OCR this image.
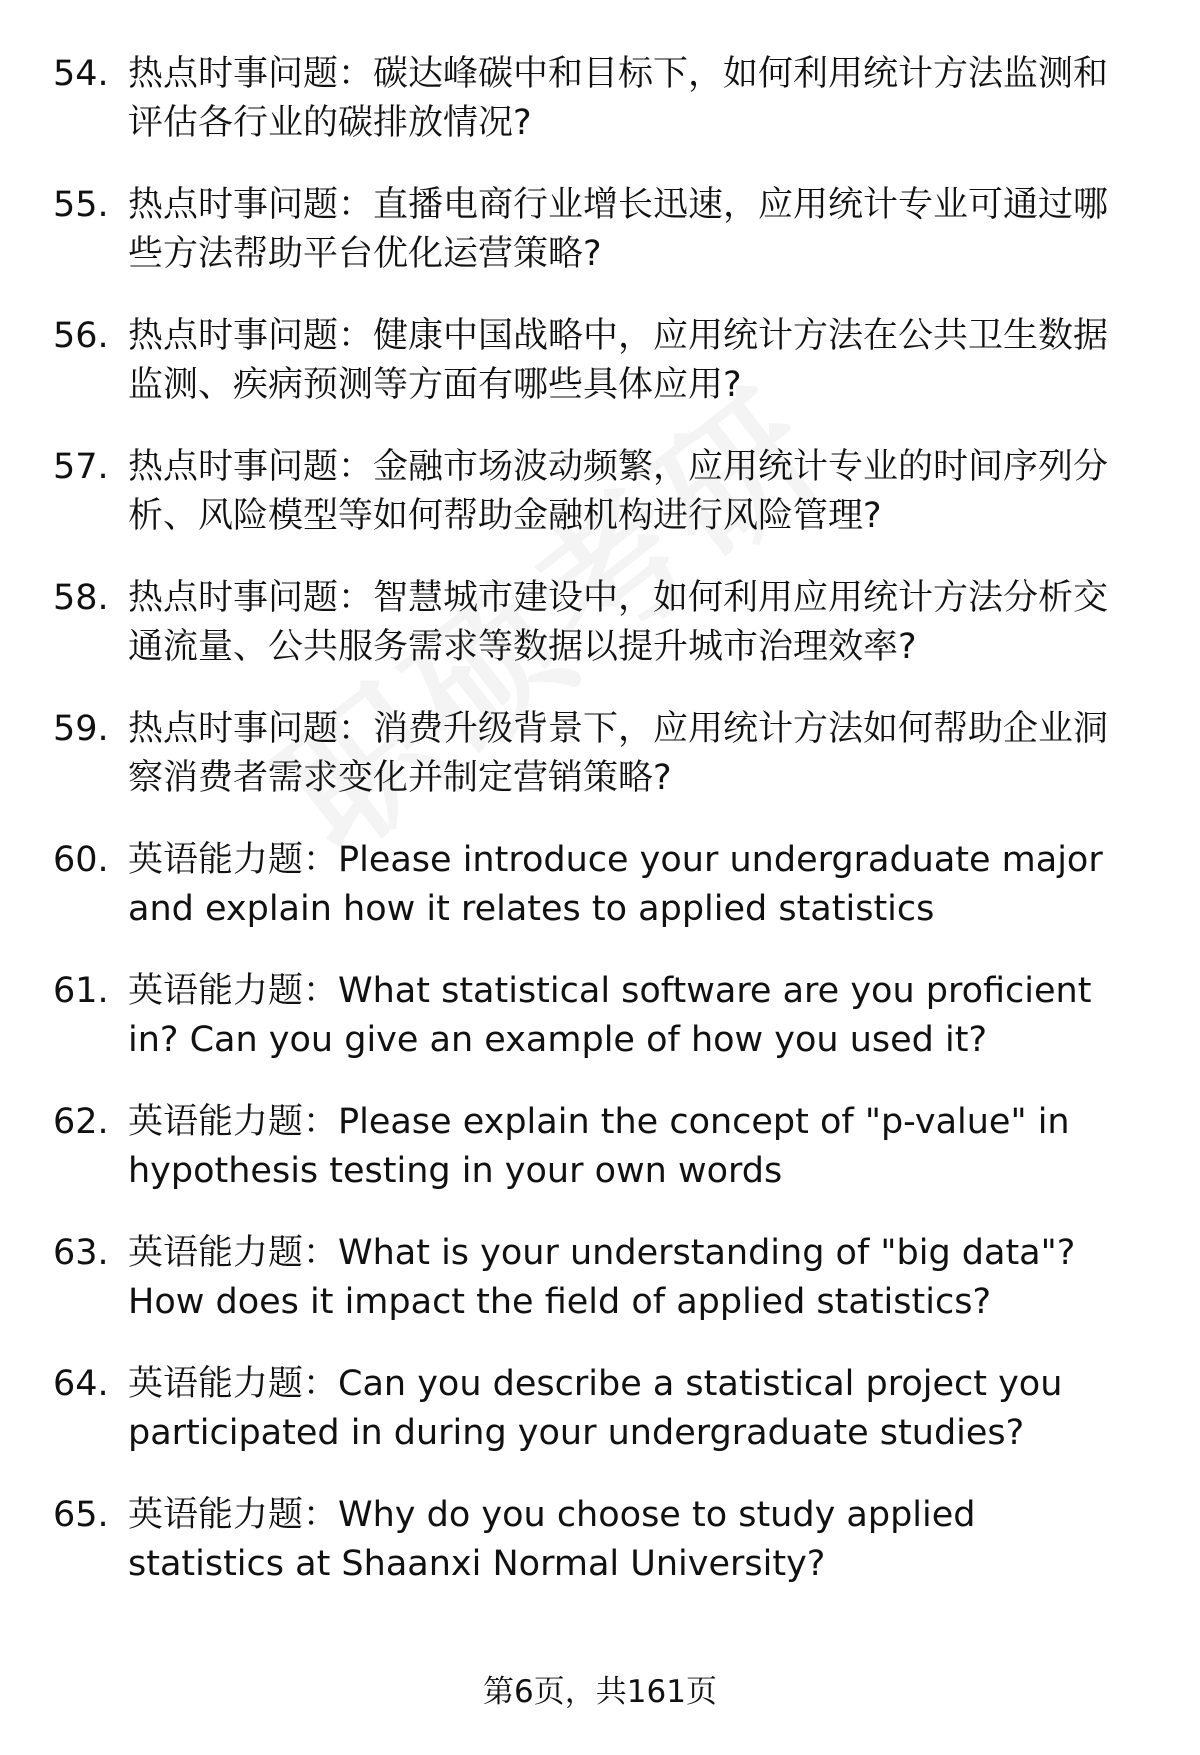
54. 热点时事问题：碳达峰碳中和目标下，如何利用统计方法监测和评估各行业的碳排放情况?
55. 热点时事问题：直播电商行业增长迅速，应用统计专业可通过哪些方法帮助平台优化运营策略?
56. 热点时事问题：健康中国战略中，应用统计方法在公共卫生数据监测、疾病预测等方面有哪些具体应用?
57. 热点时事问题：金融市场波动频繁，应用统计专业的时间序列分析、风险模型等如何帮助金融机构进行风险管理?
58. 热点时事问题：智慧城市建设中，如何利用应用统计方法分析交通流量、公共服务需求等数据以提升城市治理效率?
59. 热点时事问题：消费升级背景下，应用统计方法如何帮助企业洞察消费者需求变化并制定营销策略?
60. 英语能力题：Please introduce your undergraduate major and explain how it relates to applied statistics
61. 英语能力题：What statistical software are you proficient in? Can you give an example of how you used it?
62. 英语能力题：Please explain the concept of "p-value" in hypothesis testing in your own words
63. 英语能力题：What is your understanding of "big data"? How does it impact the field of applied statistics?
64. 英语能力题：Can you describe a statistical project you participated in during your undergraduate studies?
65. 英语能力题：Why do you choose to study applied statistics at Shaanxi Normal University?
第6页，共161页
